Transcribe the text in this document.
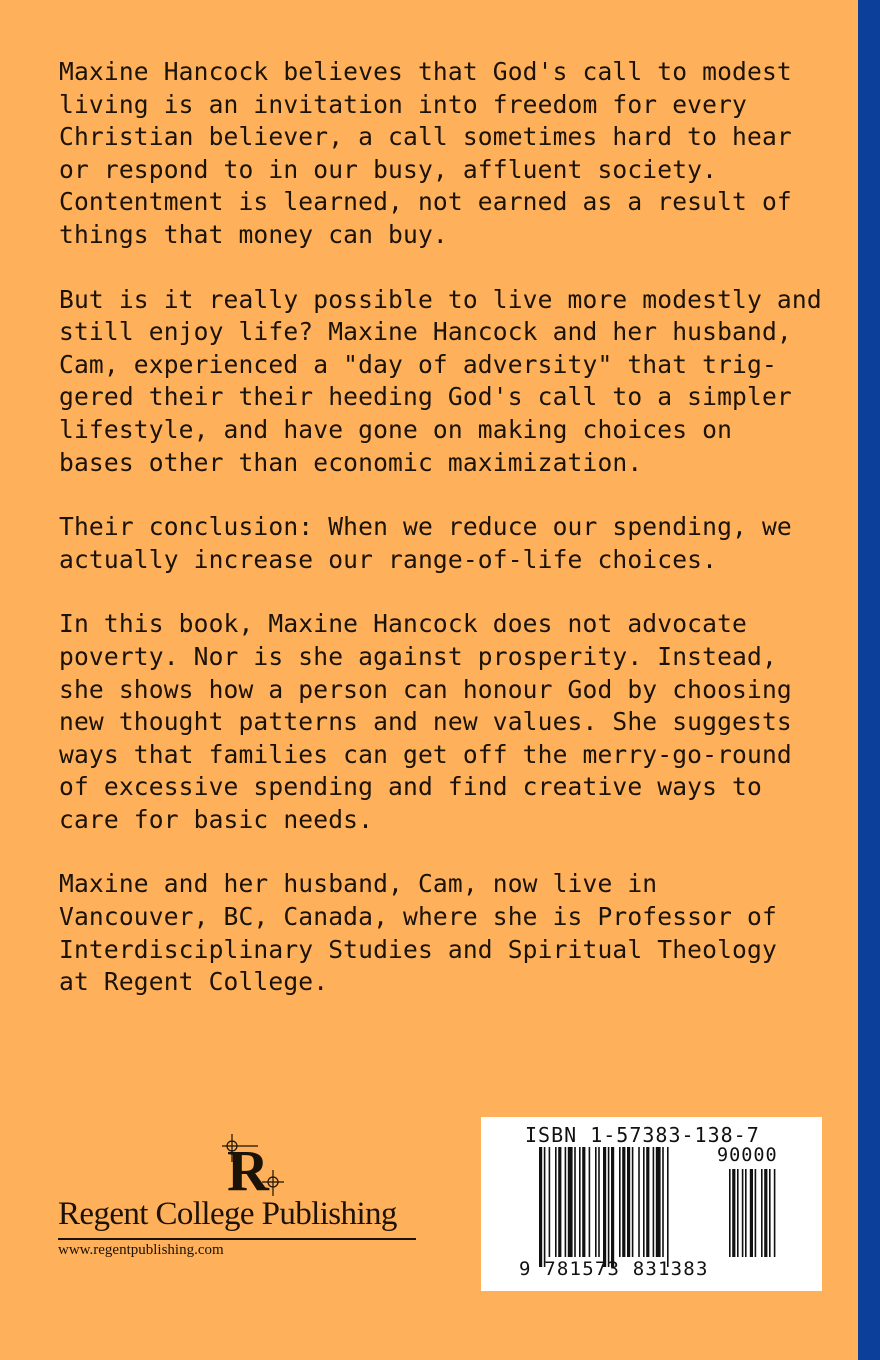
Maxine Hancock believes that God's call to modest
living is an invitation into freedom for every
Christian believer, a call sometimes hard to hear
or respond to in our busy, affluent society.
Contentment is learned, not earned as a result of
things that money can buy.

But is it really possible to live more modestly and
still enjoy life? Maxine Hancock and her husband,
Cam, experienced a "day of adversity" that trig-
gered their their heeding God's call to a simpler
lifestyle, and have gone on making choices on
bases other than economic maximization.

Their conclusion: When we reduce our spending, we
actually increase our range-of-life choices.

In this book, Maxine Hancock does not advocate
poverty. Nor is she against prosperity. Instead,
she shows how a person can honour God by choosing
new thought patterns and new values. She suggests
ways that families can get off the merry-go-round
of excessive spending and find creative ways to
care for basic needs.

Maxine and her husband, Cam, now live in
Vancouver, BC, Canada, where she is Professor of
Interdisciplinary Studies and Spiritual Theology
at Regent College.

R
Regent College Publishing
www.regentpublishing.com
ISBN 1-57383-138-7
90000
9 781573 831383
